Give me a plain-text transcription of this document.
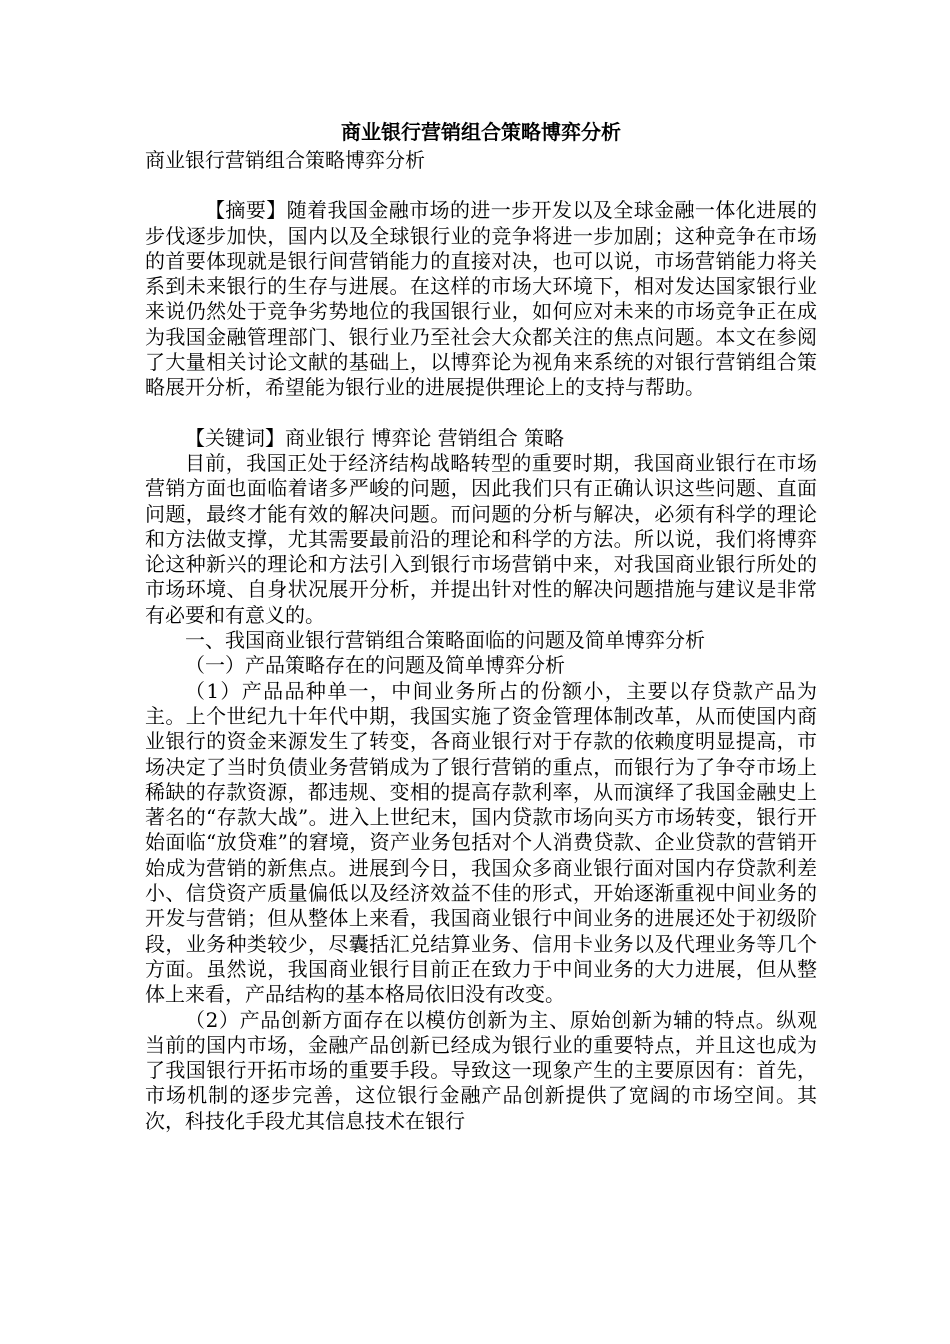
商业银行营销组合策略博弈分析

商业银行营销组合策略博弈分析

【摘要】随着我国金融市场的进一步开发以及全球金融一体化进展的步伐逐步加快，国内以及全球银行业的竞争将进一步加剧；这种竞争在市场的首要体现就是银行间营销能力的直接对决，也可以说，市场营销能力将关系到未来银行的生存与进展。在这样的市场大环境下，相对发达国家银行业来说仍然处于竞争劣势地位的我国银行业，如何应对未来的市场竞争正在成为我国金融管理部门、银行业乃至社会大众都关注的焦点问题。本文在参阅了大量相关讨论文献的基础上，以博弈论为视角来系统的对银行营销组合策略展开分析，希望能为银行业的进展提供理论上的支持与帮助。

【关键词】商业银行 博弈论 营销组合 策略

目前，我国正处于经济结构战略转型的重要时期，我国商业银行在市场营销方面也面临着诸多严峻的问题，因此我们只有正确认识这些问题、直面问题，最终才能有效的解决问题。而问题的分析与解决，必须有科学的理论和方法做支撑，尤其需要最前沿的理论和科学的方法。所以说，我们将博弈论这种新兴的理论和方法引入到银行市场营销中来，对我国商业银行所处的市场环境、自身状况展开分析，并提出针对性的解决问题措施与建议是非常有必要和有意义的。

一、我国商业银行营销组合策略面临的问题及简单博弈分析

（一）产品策略存在的问题及简单博弈分析

（1）产品品种单一，中间业务所占的份额小，主要以存贷款产品为主。上个世纪九十年代中期，我国实施了资金管理体制改革，从而使国内商业银行的资金来源发生了转变，各商业银行对于存款的依赖度明显提高，市场决定了当时负债业务营销成为了银行营销的重点，而银行为了争夺市场上稀缺的存款资源，都违规、变相的提高存款利率，从而演绎了我国金融史上著名的“存款大战”。进入上世纪末，国内贷款市场向买方市场转变，银行开始面临“放贷难”的窘境，资产业务包括对个人消费贷款、企业贷款的营销开始成为营销的新焦点。进展到今日，我国众多商业银行面对国内存贷款利差小、信贷资产质量偏低以及经济效益不佳的形式，开始逐渐重视中间业务的开发与营销；但从整体上来看，我国商业银行中间业务的进展还处于初级阶段，业务种类较少，尽囊括汇兑结算业务、信用卡业务以及代理业务等几个方面。虽然说，我国商业银行目前正在致力于中间业务的大力进展，但从整体上来看，产品结构的基本格局依旧没有改变。

（2）产品创新方面存在以模仿创新为主、原始创新为辅的特点。纵观当前的国内市场，金融产品创新已经成为银行业的重要特点，并且这也成为了我国银行开拓市场的重要手段。导致这一现象产生的主要原因有：首先，市场机制的逐步完善，这位银行金融产品创新提供了宽阔的市场空间。其次，科技化手段尤其信息技术在银行
